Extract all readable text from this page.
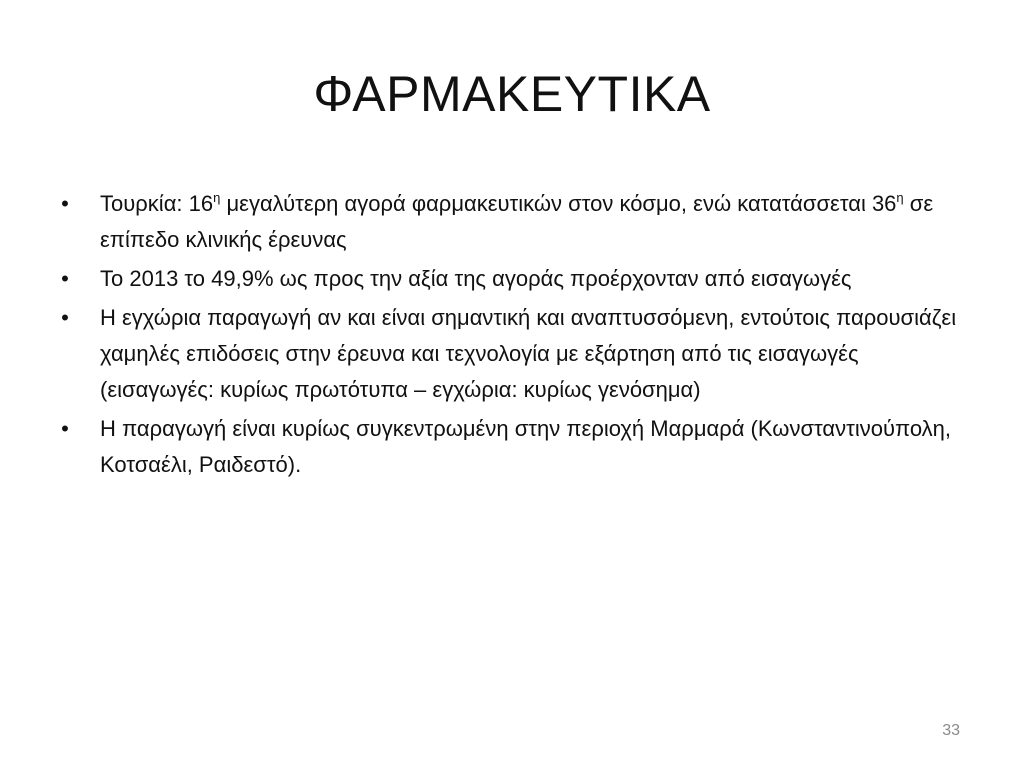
ΦΑΡΜΑΚΕΥΤΙΚΑ
• Τουρκία: $16^\eta$ μεγαλύτερη αγορά φαρμακευτικών στον κόσμο, ενώ κατατάσσεται $36^\eta$ σε επίπεδο κλινικής έρευνας
• Το 2013 το 49,9% ως προς την αξία της αγοράς προέρχονταν από εισαγωγές
• Η εγχώρια παραγωγή αν και είναι σημαντική και αναπτυσσόμενη, εντούτοις παρουσιάζει χαμηλές επιδόσεις στην έρευνα και τεχνολογία με εξάρτηση από τις εισαγωγές (εισαγωγές: κυρίως πρωτότυπα – εγχώρια: κυρίως γενόσημα)
• Η παραγωγή είναι κυρίως συγκεντρωμένη στην περιοχή Μαρμαρά (Κωνσταντινούπολη, Κοτσαέλι, Ραιδεστό).
33
